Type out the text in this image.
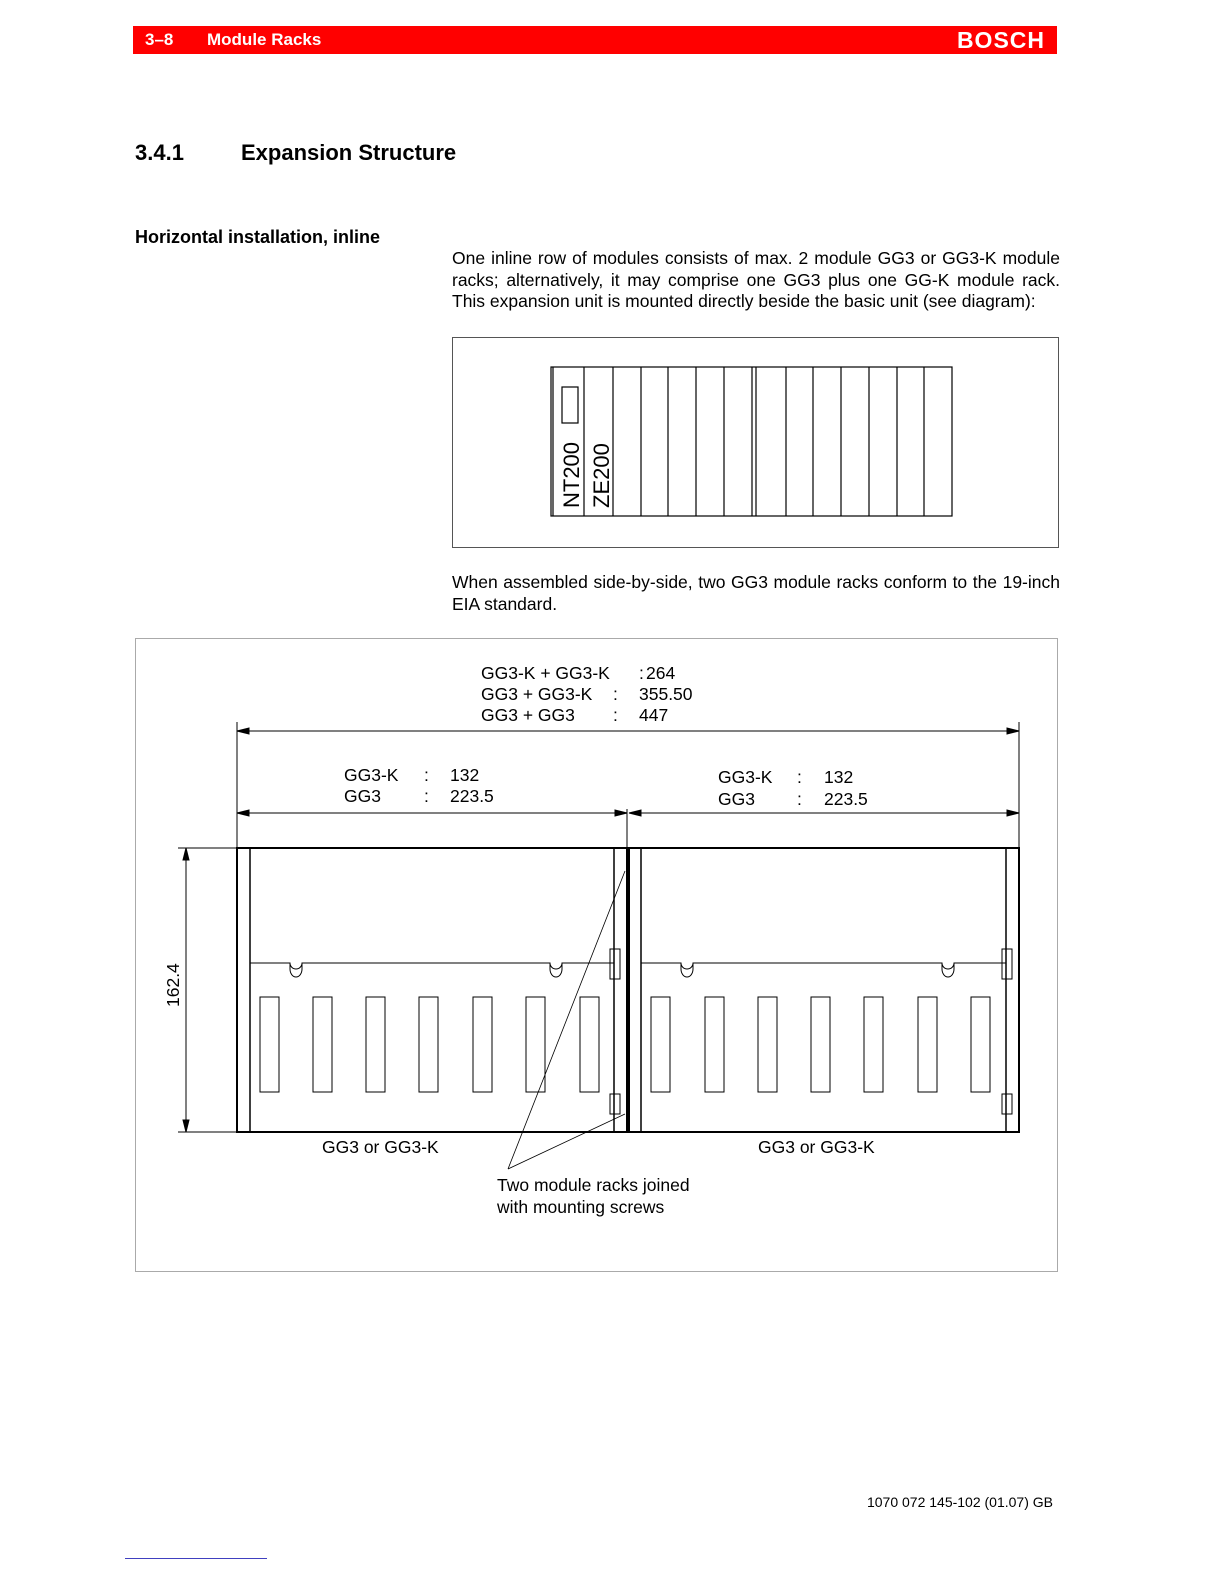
3–8 Module Racks	BOSCH
3.4.1	Expansion Structure
Horizontal installation, inline
One inline row of modules consists of max. 2 module GG3 or GG3-K module racks; alternatively, it may comprise one GG3 plus one GG-K module rack. This expansion unit is mounted directly beside the basic unit (see diagram):
NT200 ZE200
When assembled side-by-side, two GG3 module racks conform to the 19-inch EIA standard.
GG3-K + GG3-K : 264
GG3 + GG3-K : 355.50
GG3 + GG3 : 447
GG3-K : 132
GG3 : 223.5
GG3-K : 132
GG3 : 223.5
GG3 or GG3-K	GG3 or GG3-K
Two module racks joined
with mounting screws
162.4
1070 072 145-102 (01.07) GB
